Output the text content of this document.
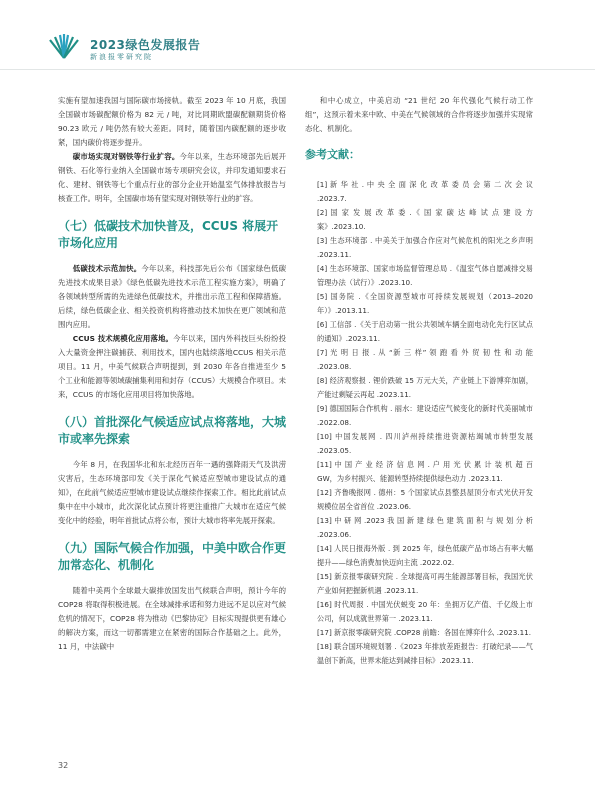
2023绿色发展报告
新浪报零研究院

实施有望加速我国与国际碳市场接轨。截至 2023 年 10 月底，我国全国碳市场碳配额价格为 82 元 / 吨，对比同期欧盟碳配额期货价格 90.23 欧元 / 吨仍然有较大差距。同时，随着国内碳配额的逐步收紧，国内碳价将逐步提升。

碳市场实现对钢铁等行业扩容。今年以来，生态环境部先后展开钢铁、石化等行业纳入全国碳市场专项研究会议，并印发通知要求石化、建材、钢铁等七个重点行业的部分企业开始温室气体排放报告与核查工作。明年，全国碳市场有望实现对钢铁等行业的扩容。

（七）低碳技术加快普及，CCUS 将展开市场化应用

低碳技术示范加快。今年以来，科技部先后公布《国家绿色低碳先进技术成果目录》《绿色低碳先进技术示范工程实施方案》，明确了各领域转型所需的先进绿色低碳技术，并推出示范工程和保障措施。后续，绿色低碳企业、相关投资机构将推动技术加快在更广领域和范围内应用。

CCUS 技术规模化应用落地。今年以来，国内外科技巨头纷纷投入大量资金押注碳捕获、利用技术，国内也陆续落地CCUS 相关示范项目。11 月，中美气候联合声明提到，到 2030 年各自推进至少 5 个工业和能源等领域碳捕集利用和封存（CCUS）大规模合作项目。未来，CCUS 的市场化应用项目将加快落地。

（八）首批深化气候适应试点将落地，大城市或率先探索

今年 8 月，在我国华北和东北经历百年一遇的强降雨天气及洪涝灾害后，生态环境部印发《关于深化气候适应型城市建设试点的通知》，在此前气候适应型城市建设试点继续作探索工作。相比此前试点集中在中小城市，此次深化试点预计将更注重推广大城市在适应气候变化中的经验，明年首批试点将公布，预计大城市将率先展开探索。

（九）国际气候合作加强，中美中欧合作更加常态化、机制化

随着中美两个全球最大碳排放国发出气候联合声明，预计今年的 COP28 将取得积极进展。在全球减排承诺和努力进远不足以应对气候危机的情况下，COP28 将为推动《巴黎协定》目标实现提供更有雄心的解决方案，而这一切都需建立在紧密的国际合作基础之上。此外，11 月，中法碳中

和中心成立，中美启动 “21 世纪 20 年代强化气候行动工作组”，这预示着未来中欧、中美在气候领域的合作将逐步加强并实现常态化、机制化。

参考文献：

[1] 新 华 社 . 中 央 全 面 深 化 改 革 委 员 会 第 二 次 会 议 .2023.7.

[2] 国 家 发 展 改 革 委 .《 国 家 碳 达 峰 试 点 建 设 方 案》.2023.10.

[3] 生态环境部 . 中美关于加强合作应对气候危机的阳光之乡声明 .2023.11.

[4] 生态环境部、国家市场监督管理总局 .《温室气体自愿减排交易管理办法（试行）》.2023.10.

[5] 国务院 .《全国资源型城市可持续发展规划（2013–2020 年）》.2013.11.

[6] 工信部 .《关于启动第一批公共领域车辆全面电动化先行区试点的通知》.2023.11.

[7] 光 明 日 报 . 从 “新 三 样” 领 跑 看 外 贸 韧 性 和 动 能 .2023.08.

[8] 经济观察报 . 锂价跌破 15 万元大关，产业链上下游博弈加剧，产能过剩疑云再起 .2023.11.

[9] 德国国际合作机构 . 丽水：建设适应气候变化的新时代美丽城市 .2022.08.

[10] 中国发展网 . 四川泸州持续推进资源枯竭城市转型发展 .2023.05.

[11] 中 国 产 业 经 济 信 息 网 . 户 用 光 伏 累 计 装 机 超 百 GW，为乡村振兴、能源转型持续提供绿色动力 .2023.11.

[12] 齐鲁晚报网 . 德州：5 个国家试点县整县屋顶分布式光伏开发规模位居全省首位 .2023.06.

[13] 中 研 网 .2023 我 国 新 建 绿 色 建 筑 面 积 与 规 划 分 析 .2023.06.

[14] 人民日报海外版 . 到 2025 年，绿色低碳产品市场占有率大幅提升——绿色消费加快迈向主流 .2022.02.

[15] 新京报零碳研究院 . 全球提高可再生能源部署目标，我国光伏产业如何把握新机遇 .2023.11.

[16] 时代周报 . 中国光伏蜕变 20 年：坐拥万亿产值、千亿级上市公司，何以成就世界第一 .2023.11.

[17] 新京报零碳研究院 .COP28 前瞻：各国在博弈什么 .2023.11.

[18] 联合国环境规划署 .《2023 年排放差距报告：打破纪录——气温创下新高，世界未能达到减排目标》.2023.11.

32
